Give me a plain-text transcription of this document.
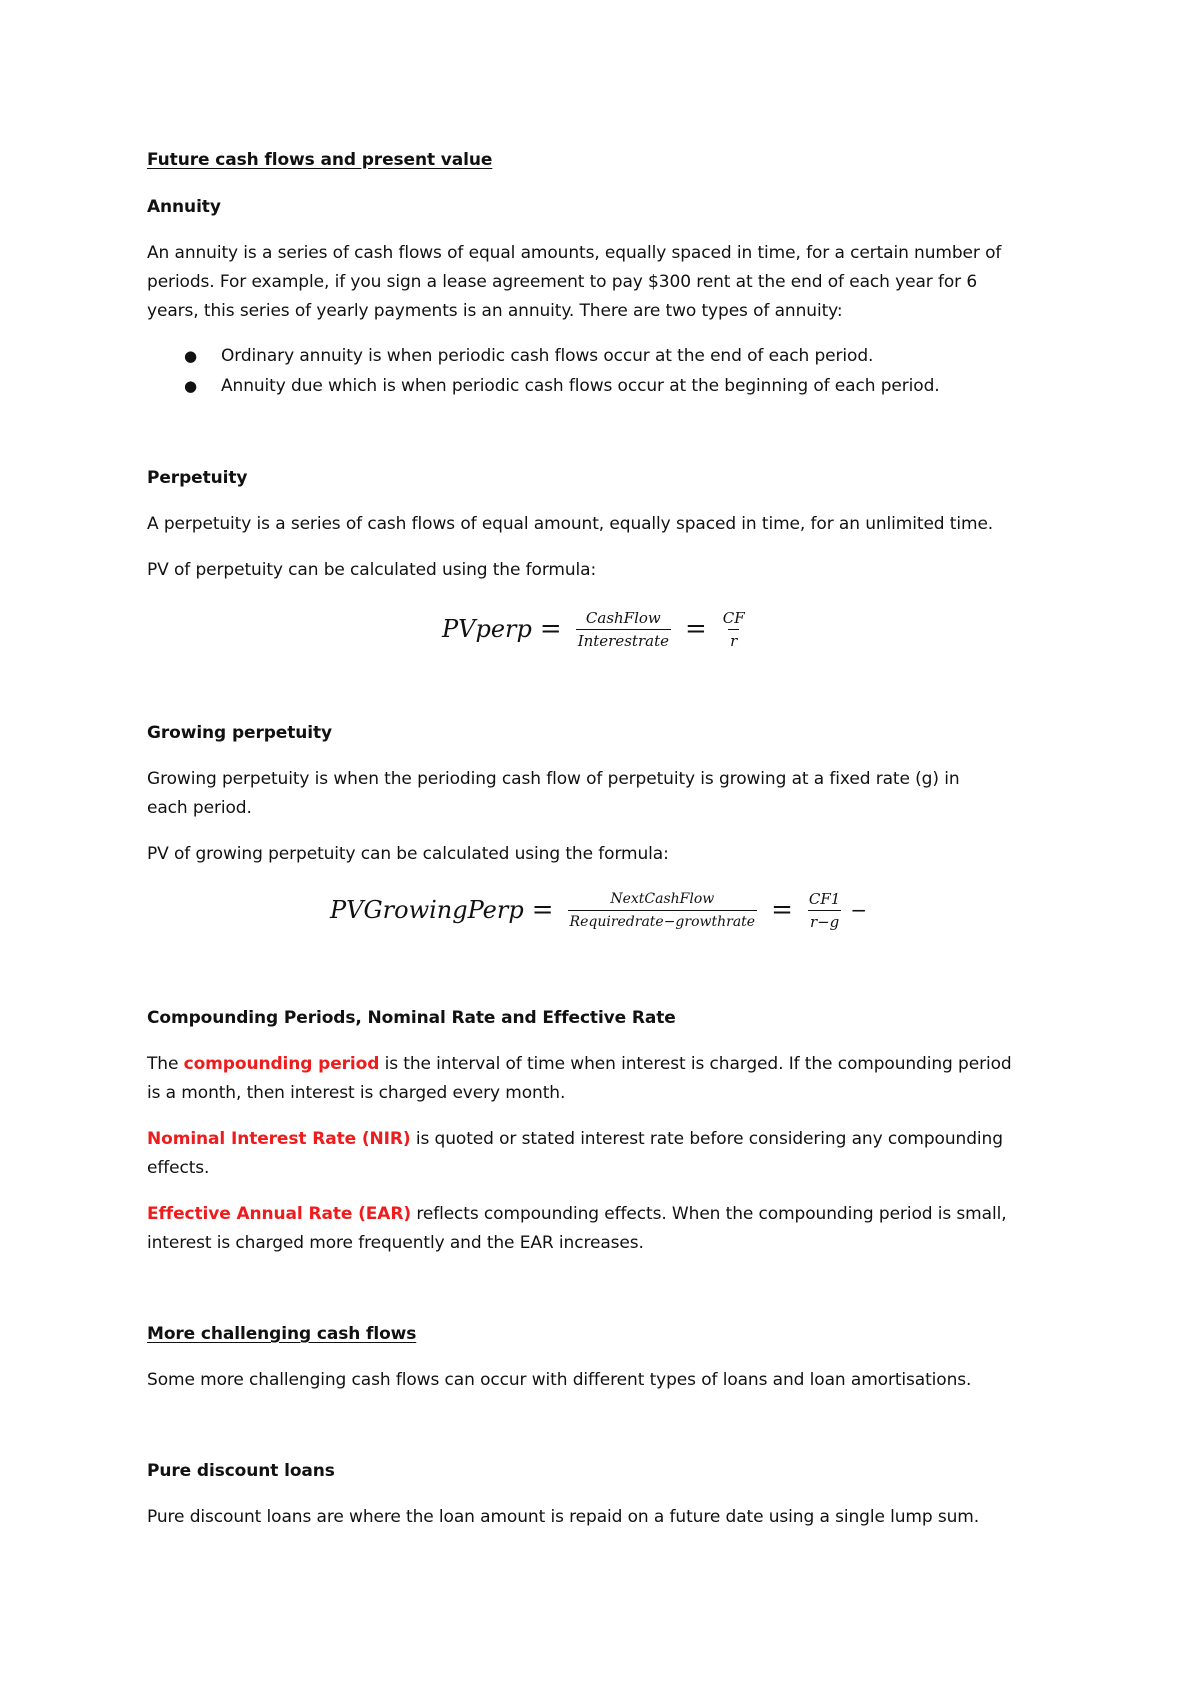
Future cash flows and present value
Annuity
An annuity is a series of cash flows of equal amounts, equally spaced in time, for a certain number of
periods. For example, if you sign a lease agreement to pay $300 rent at the end of each year for 6
years, this series of yearly payments is an annuity. There are two types of annuity:
● Ordinary annuity is when periodic cash flows occur at the end of each period.
● Annuity due which is when periodic cash flows occur at the beginning of each period.
Perpetuity
A perpetuity is a series of cash flows of equal amount, equally spaced in time, for an unlimited time.
PV of perpetuity can be calculated using the formula:
PVperp = $\frac{\text{CashFlow}}{\text{Interestrate}} = \frac{CF}{r}$
Growing perpetuity
Growing perpetuity is when the perioding cash flow of perpetuity is growing at a fixed rate (g) in
each period.
PV of growing perpetuity can be calculated using the formula:
PVGrowingPerp = $\frac{\text{NextCashFlow}}{\text{Requiredrate−growthrate}} = \frac{CF1}{r-g}$ −
Compounding Periods, Nominal Rate and Effective Rate
The compounding period is the interval of time when interest is charged. If the compounding period
is a month, then interest is charged every month.
Nominal Interest Rate (NIR) is quoted or stated interest rate before considering any compounding
effects.
Effective Annual Rate (EAR) reflects compounding effects. When the compounding period is small,
interest is charged more frequently and the EAR increases.
More challenging cash flows
Some more challenging cash flows can occur with different types of loans and loan amortisations.
Pure discount loans
Pure discount loans are where the loan amount is repaid on a future date using a single lump sum.
